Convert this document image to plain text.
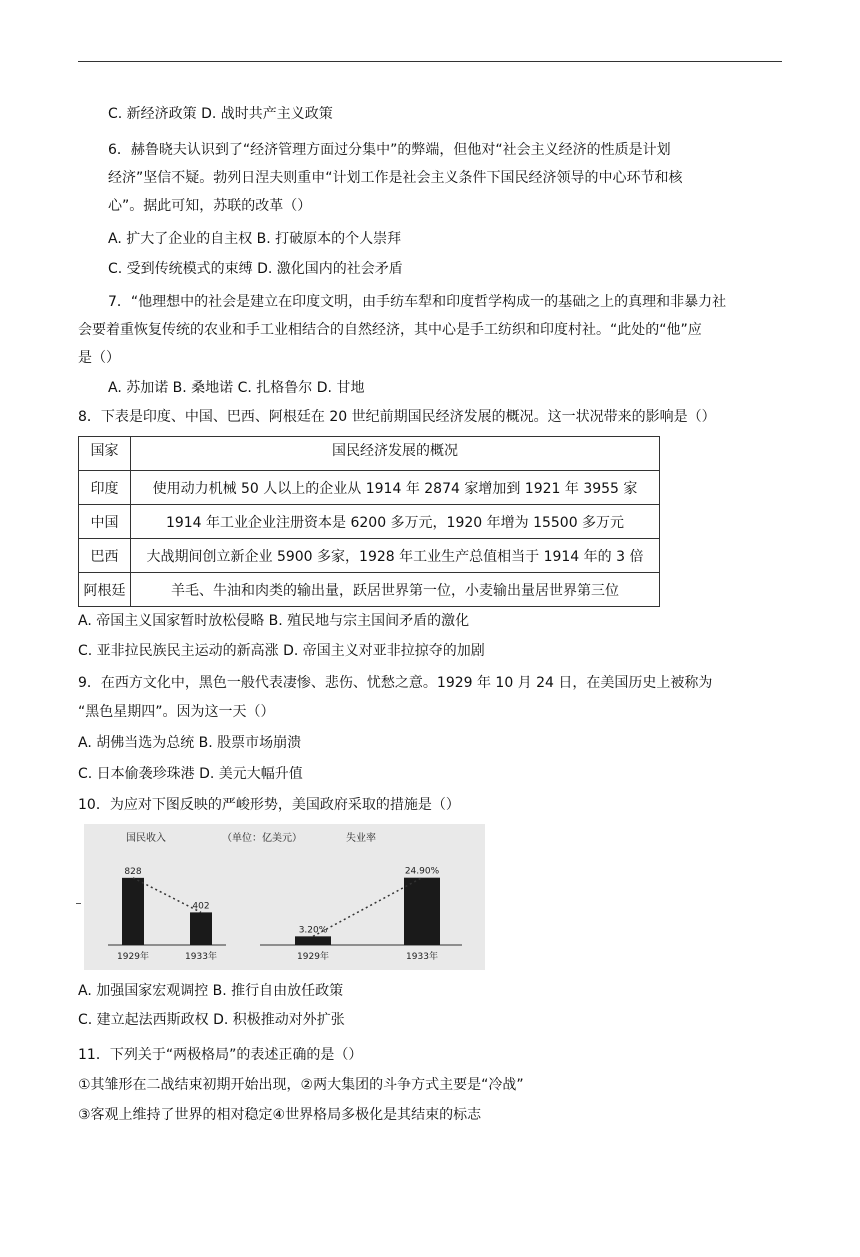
C. 新经济政策 D. 战时共产主义政策
6．赫鲁晓夫认识到了“经济管理方面过分集中”的弊端，但他对“社会主义经济的性质是计划
经济”坚信不疑。勃列日涅夫则重申“计划工作是社会主义条件下国民经济领导的中心环节和核
心”。据此可知，苏联的改革（）
A. 扩大了企业的自主权 B. 打破原本的个人崇拜
C. 受到传统模式的束缚 D. 激化国内的社会矛盾
7．“他理想中的社会是建立在印度文明，由手纺车犁和印度哲学构成一的基础之上的真理和非暴力社
会要着重恢复传统的农业和手工业相结合的自然经济，其中心是手工纺织和印度村社。“此处的“他”应
是（）
A. 苏加诺 B. 桑地诺 C. 扎格鲁尔 D. 甘地
8．下表是印度、中国、巴西、阿根廷在 20 世纪前期国民经济发展的概况。这一状况带来的影响是（）
国家	国民经济发展的概况
印度	使用动力机械 50 人以上的企业从 1914 年 2874 家增加到 1921 年 3955 家
中国	1914 年工业企业注册资本是 6200 多万元，1920 年增为 15500 多万元
巴西	大战期间创立新企业 5900 多家，1928 年工业生产总值相当于 1914 年的 3 倍
阿根廷	羊毛、牛油和肉类的输出量，跃居世界第一位，小麦输出量居世界第三位
A. 帝国主义国家暂时放松侵略 B. 殖民地与宗主国间矛盾的激化
C. 亚非拉民族民主运动的新高涨 D. 帝国主义对亚非拉掠夺的加剧
9．在西方文化中，黑色一般代表凄惨、悲伤、忧愁之意。1929 年 10 月 24 日，在美国历史上被称为
“黑色星期四”。因为这一天（）
A. 胡佛当选为总统 B. 股票市场崩溃
C. 日本偷袭珍珠港 D. 美元大幅升值
10．为应对下图反映的严峻形势，美国政府采取的措施是（）
国民收入	（单位：亿美元）	失业率
828
1929年
402
1933年
3.20%
1929年
24.90%
1933年
A. 加强国家宏观调控 B. 推行自由放任政策
C. 建立起法西斯政权 D. 积极推动对外扩张
11．下列关于“两极格局”的表述正确的是（）
①其雏形在二战结束初期开始出现，②两大集团的斗争方式主要是“冷战”
③客观上维持了世界的相对稳定④世界格局多极化是其结束的标志
